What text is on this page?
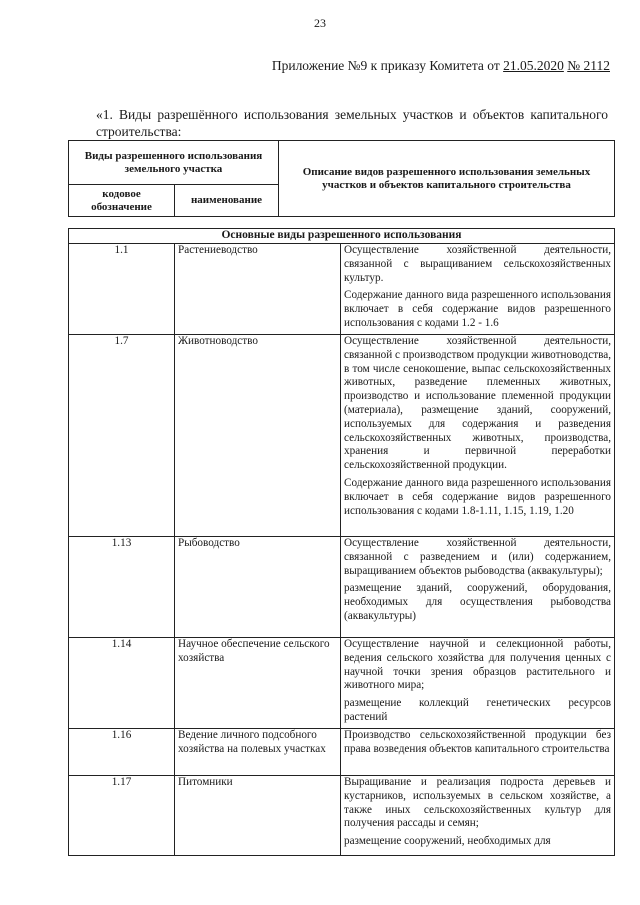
23
Приложение №9 к приказу Комитета от 21.05.2020 № 2112
«1. Виды разрешённого использования земельных участков и объектов капитального строительства:
Виды разрешенного использования земельного участка		Описание видов разрешенного использования земельных участков и объектов капитального строительства
кодовое обозначение	наименование	
Основные виды разрешенного использования		
1.1	Растениеводство	Осуществление хозяйственной деятельности, связанной с выращиванием сельскохозяйственных культур.

Содержание данного вида разрешенного использования включает в себя содержание видов разрешенного использования с кодами 1.2 - 1.6

1.7	Животноводство	Осуществление хозяйственной деятельности, связанной с производством продукции животноводства, в том числе сенокошение, выпас сельскохозяйственных животных, разведение племенных животных, производство и использование племенной продукции (материала), размещение зданий, сооружений, используемых для содержания и разведения сельскохозяйственных животных, производства, хранения и первичной переработки сельскохозяйственной продукции.

Содержание данного вида разрешенного использования включает в себя содержание видов разрешенного использования с кодами 1.8-1.11, 1.15, 1.19, 1.20

1.13	Рыбоводство	Осуществление хозяйственной деятельности, связанной с разведением и (или) содержанием, выращиванием объектов рыбоводства (аквакультуры);

размещение зданий, сооружений, оборудования, необходимых для осуществления рыбоводства (аквакультуры)

1.14	Научное обеспечение сельского хозяйства	Осуществление научной и селекционной работы, ведения сельского хозяйства для получения ценных с научной точки зрения образцов растительного и животного мира;

размещение коллекций генетических ресурсов растений

1.16	Ведение личного подсобного хозяйства на полевых участках	Производство сельскохозяйственной продукции без права возведения объектов капитального строительства

1.17	Питомники	Выращивание и реализация подроста деревьев и кустарников, используемых в сельском хозяйстве, а также иных сельскохозяйственных культур для получения рассады и семян;

размещение сооружений, необходимых для
